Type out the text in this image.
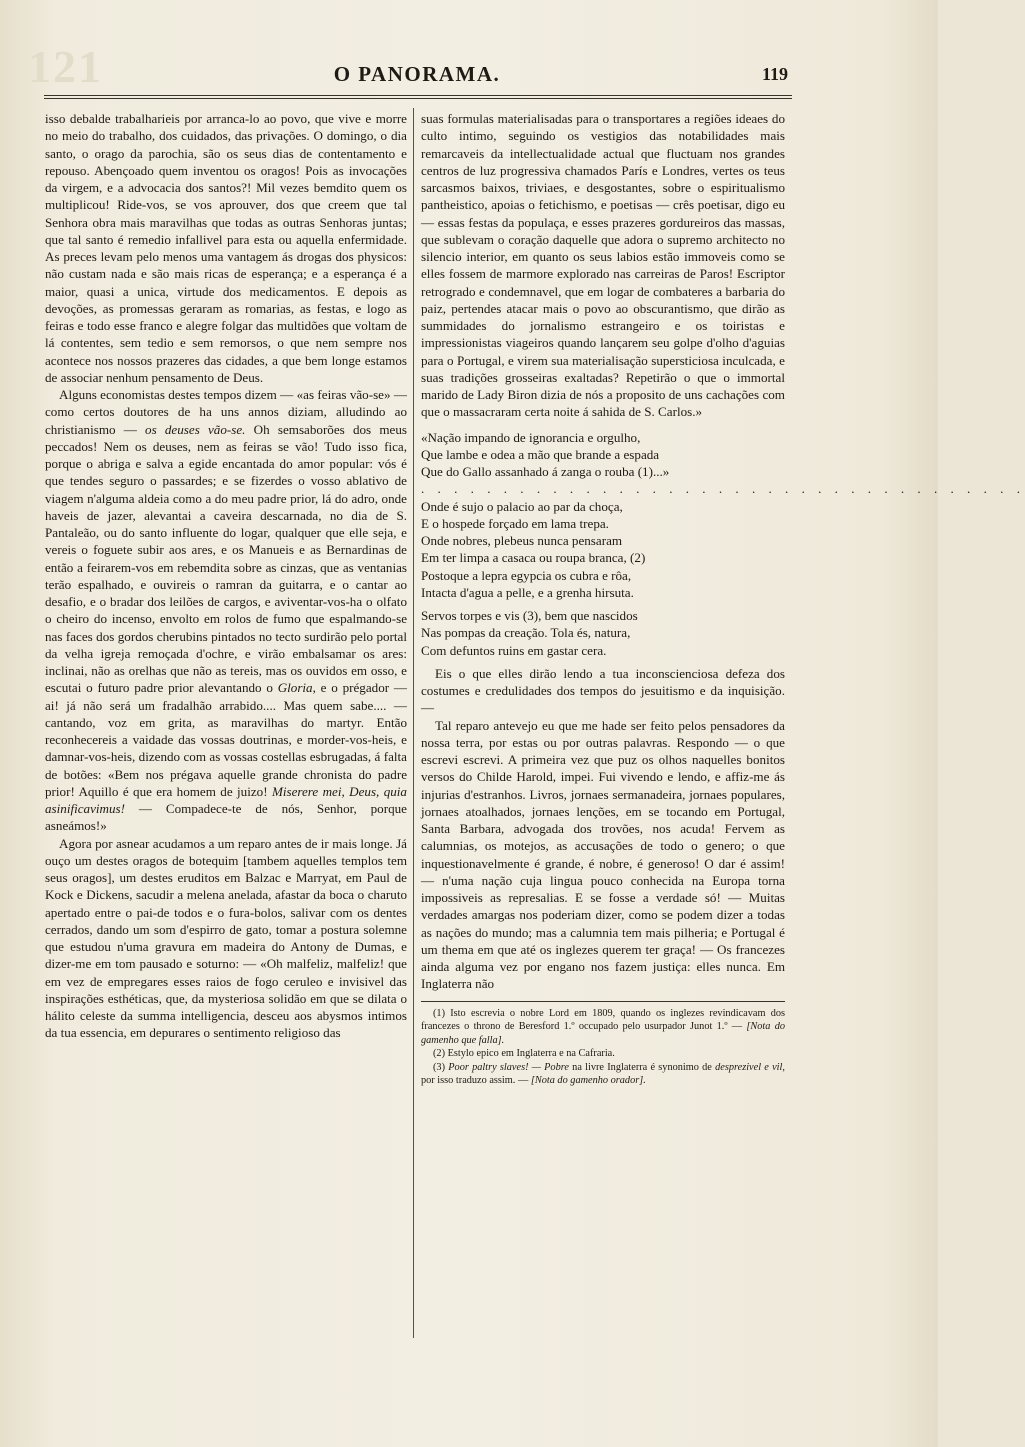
121	O PANORAMA.	119

isso debalde trabalharieis por arranca-lo ao povo, que vive e morre no meio do trabalho, dos cuidados, das privações. O domingo, o dia santo, o orago da parochia, são os seus dias de contentamento e repouso. Abençoado quem inventou os oragos! Pois as invocações da virgem, e a advocacia dos santos?! Mil vezes bemdito quem os multiplicou! Ride-vos, se vos aprouver, dos que creem que tal Senhora obra mais maravilhas que todas as outras Senhoras juntas; que tal santo é remedio infallivel para esta ou aquella enfermidade. As preces levam pelo menos uma vantagem ás drogas dos physicos: não custam nada e são mais ricas de esperança; e a esperança é a maior, quasi a unica, virtude dos medicamentos. E depois as devoções, as promessas geraram as romarias, as festas, e logo as feiras e todo esse franco e alegre folgar das multidões que voltam de lá contentes, sem tedio e sem remorsos, o que nem sempre nos acontece nos nossos prazeres das cidades, a que bem longe estamos de associar nenhum pensamento de Deus.

Alguns economistas destes tempos dizem — «as feiras vão-se» — como certos doutores de ha uns annos diziam, alludindo ao christianismo — os deuses vão-se. Oh semsaborões dos meus peccados! Nem os deuses, nem as feiras se vão! Tudo isso fica, porque o abriga e salva a egide encantada do amor popular: vós é que tendes seguro o passardes; e se fizerdes o vosso ablativo de viagem n'alguma aldeia como a do meu padre prior, lá do adro, onde haveis de jazer, alevantai a caveira descarnada, no dia de S. Pantaleão, ou do santo influente do logar, qualquer que elle seja, e vereis o foguete subir aos ares, e os Manueis e as Bernardinas de então a feirarem-vos em rebemdita sobre as cinzas, que as ventanias terão espalhado, e ouvireis o ramran da guitarra, e o cantar ao desafio, e o bradar dos leilões de cargos, e aviventar-vos-ha o olfato o cheiro do incenso, envolto em rolos de fumo que espalmando-se nas faces dos gordos cherubins pintados no tecto surdirão pelo portal da velha igreja remoçada d'ochre, e virão embalsamar os ares: inclinai, não as orelhas que não as tereis, mas os ouvidos em osso, e escutai o futuro padre prior alevantando o Gloria, e o prégador — ai! já não será um fradalhão arrabido.... Mas quem sabe.... — cantando, voz em grita, as maravilhas do martyr. Então reconhecereis a vaidade das vossas doutrinas, e morder-vos-heis, e damnar-vos-heis, dizendo com as vossas costellas esbrugadas, á falta de botões: «Bem nos prégava aquelle grande chronista do padre prior! Aquillo é que era homem de juizo! Miserere mei, Deus, quia asinificavimus! — Compadece-te de nós, Senhor, porque asneámos!»

Agora por asnear acudamos a um reparo antes de ir mais longe. Já ouço um destes oragos de botequim [tambem aquelles templos tem seus oragos], um destes eruditos em Balzac e Marryat, em Paul de Kock e Dickens, sacudir a melena anelada, afastar da boca o charuto apertado entre o pai-de todos e o fura-bolos, salivar com os dentes cerrados, dando um som d'espirro de gato, tomar a postura solemne que estudou n'uma gravura em madeira do Antony de Dumas, e dizer-me em tom pausado e soturno: — «Oh malfeliz, malfeliz! que em vez de empregares esses raios de fogo ceruleo e invisivel das inspirações esthéticas, que, da mysteriosa solidão em que se dilata o hálito celeste da summa intelligencia, desceu aos abysmos intimos da tua essencia, em depurares o sentimento religioso das

suas formulas materialisadas para o transportares a regiões ideaes do culto intimo, seguindo os vestigios das notabilidades mais remarcaveis da intellectualidade actual que fluctuam nos grandes centros de luz progressiva chamados París e Londres, vertes os teus sarcasmos baixos, triviaes, e desgostantes, sobre o espiritualismo pantheistico, apoias o fetichismo, e poetisas — crês poetisar, digo eu — essas festas da populaça, e esses prazeres gordureiros das massas, que sublevam o coração daquelle que adora o supremo architecto no silencio interior, em quanto os seus labios estão immoveis como se elles fossem de marmore explorado nas carreiras de Paros! Escriptor retrogrado e condemnavel, que em logar de combateres a barbaria do paiz, pertendes atacar mais o povo ao obscurantismo, que dirão as summidades do jornalismo estrangeiro e os toiristas e impressionistas viageiros quando lançarem seu golpe d'olho d'aguias para o Portugal, e virem sua materialisação supersticiosa inculcada, e suas tradições grosseiras exaltadas? Repetirão o que o immortal marido de Lady Biron dizia de nós a proposito de uns cachações com que o massacraram certa noite á sahida de S. Carlos.»

«Nação impando de ignorancia e orgulho,
Que lambe e odea a mão que brande a espada
Que do Gallo assanhado á zanga o rouba (1)...»
. . . . . . . . . . . . . . . . . . . . . . . . . . . . . . . . . . . . .
Onde é sujo o palacio ao par da choça,
E o hospede forçado em lama trepa.
Onde nobres, plebeus nunca pensaram
Em ter limpa a casaca ou roupa branca, (2)
Postoque a lepra egypcia os cubra e rôa,
Intacta d'agua a pelle, e a grenha hirsuta.
Servos torpes e vis (3), bem que nascidos
Nas pompas da creação. Tola és, natura,
Com defuntos ruins em gastar cera.

Eis o que elles dirão lendo a tua inconscienciosa defeza dos costumes e credulidades dos tempos do jesuitismo e da inquisição. —

Tal reparo antevejo eu que me hade ser feito pelos pensadores da nossa terra, por estas ou por outras palavras. Respondo — o que escrevi escrevi. A primeira vez que puz os olhos naquelles bonitos versos do Childe Harold, impei. Fui vivendo e lendo, e affiz-me ás injurias d'estranhos. Livros, jornaes sermanadeira, jornaes populares, jornaes atoalhados, jornaes lenções, em se tocando em Portugal, Santa Barbara, advogada dos trovões, nos acuda! Fervem as calumnias, os motejos, as accusações de todo o genero; o que inquestionavelmente é grande, é nobre, é generoso! O dar é assim! — n'uma nação cuja lingua pouco conhecida na Europa torna impossiveis as represalias. E se fosse a verdade só! — Muitas verdades amargas nos poderiam dizer, como se podem dizer a todas as nações do mundo; mas a calumnia tem mais pilheria; e Portugal é um thema em que até os inglezes querem ter graça! — Os francezes ainda alguma vez por engano nos fazem justiça: elles nunca. Em Inglaterra não

(1) Isto escrevia o nobre Lord em 1809, quando os inglezes revindicavam dos francezes o throno de Beresford 1.º occupado pelo usurpador Junot 1.º — [Nota do gamenho que falla].

(2) Estylo epico em Inglaterra e na Cafraria.

(3) Poor paltry slaves! — Pobre na livre Inglaterra é synonimo de desprezivel e vil, por isso traduzo assim. — [Nota do gamenho orador].
